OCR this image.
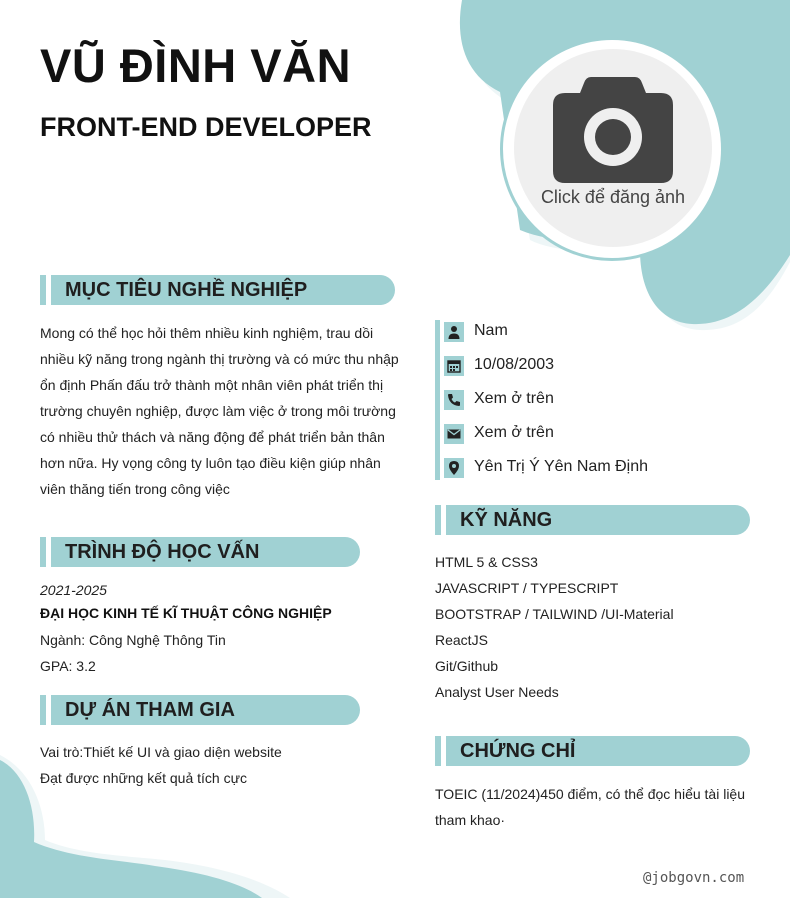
VŨ ĐÌNH VĂN
FRONT-END DEVELOPER
Click để đăng ảnh
MỤC TIÊU NGHỀ NGHIỆP
Mong có thể học hỏi thêm nhiều kinh nghiệm, trau dồi
nhiều kỹ năng trong ngành thị trường và có mức thu nhập
ổn định Phấn đấu trở thành một nhân viên phát triển thị
trường chuyên nghiệp, được làm việc ở trong môi trường
có nhiều thử thách và năng động để phát triển bản thân
hơn nữa. Hy vọng công ty luôn tạo điều kiện giúp nhân
viên thăng tiến trong công việc
TRÌNH ĐỘ HỌC VẤN
2021-2025
ĐẠI HỌC KINH TẾ KĨ THUẬT CÔNG NGHIỆP
Ngành: Công Nghệ Thông Tin
GPA: 3.2
DỰ ÁN THAM GIA
Vai trò:Thiết kế UI và giao diện website
Đạt được những kết quả tích cực
Nam
10/08/2003
Xem ở trên
Xem ở trên
Yên Trị Ý Yên Nam Định
KỸ NĂNG
HTML 5 & CSS3
JAVASCRIPT / TYPESCRIPT
BOOTSTRAP / TAILWIND /UI-Material
ReactJS
Git/Github
Analyst User Needs
CHỨNG CHỈ
TOEIC (11/2024)450 điểm, có thể đọc hiểu tài liệu
tham khao·
@jobgovn.com
